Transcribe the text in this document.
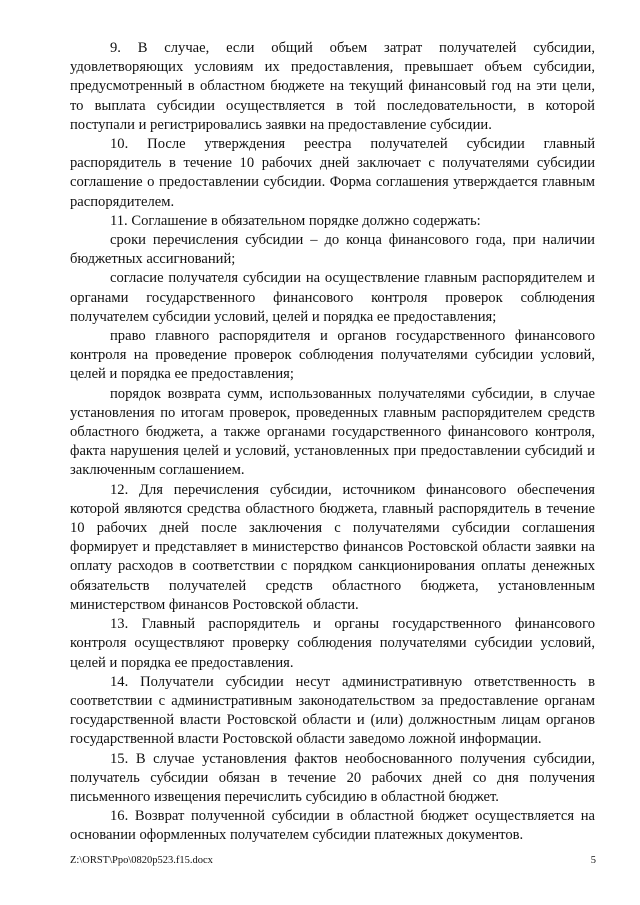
9. В случае, если общий объем затрат получателей субсидии, удовлетворяющих условиям их предоставления, превышает объем субсидии, предусмотренный в областном бюджете на текущий финансовый год на эти цели, то выплата субсидии осуществляется в той последовательности, в которой поступали и регистрировались заявки на предоставление субсидии.

10. После утверждения реестра получателей субсидии главный распорядитель в течение 10 рабочих дней заключает с получателями субсидии соглашение о предоставлении субсидии. Форма соглашения утверждается главным распорядителем.

11. Соглашение в обязательном порядке должно содержать:

сроки перечисления субсидии – до конца финансового года, при наличии бюджетных ассигнований;

согласие получателя субсидии на осуществление главным распорядителем и органами государственного финансового контроля проверок соблюдения получателем субсидии условий, целей и порядка ее предоставления;

право главного распорядителя и органов государственного финансового контроля на проведение проверок соблюдения получателями субсидии условий, целей и порядка ее предоставления;

порядок возврата сумм, использованных получателями субсидии, в случае установления по итогам проверок, проведенных главным распорядителем средств областного бюджета, а также органами государственного финансового контроля, факта нарушения целей и условий, установленных при предоставлении субсидий и заключенным соглашением.

12. Для перечисления субсидии, источником финансового обеспечения которой являются средства областного бюджета, главный распорядитель в течение 10 рабочих дней после заключения с получателями субсидии соглашения формирует и представляет в министерство финансов Ростовской области заявки на оплату расходов в соответствии с порядком санкционирования оплаты денежных обязательств получателей средств областного бюджета, установленным министерством финансов Ростовской области.

13. Главный распорядитель и органы государственного финансового контроля осуществляют проверку соблюдения получателями субсидии условий, целей и порядка ее предоставления.

14. Получатели субсидии несут административную ответственность в соответствии с административным законодательством за предоставление органам государственной власти Ростовской области и (или) должностным лицам органов государственной власти Ростовской области заведомо ложной информации.

15. В случае установления фактов необоснованного получения субсидии, получатель субсидии обязан в течение 20 рабочих дней со дня получения письменного извещения перечислить субсидию в областной бюджет.

16. Возврат полученной субсидии в областной бюджет осуществляется на основании оформленных получателем субсидии платежных документов.

Z:\ORST\Ppo\0820p523.f15.docx	5
